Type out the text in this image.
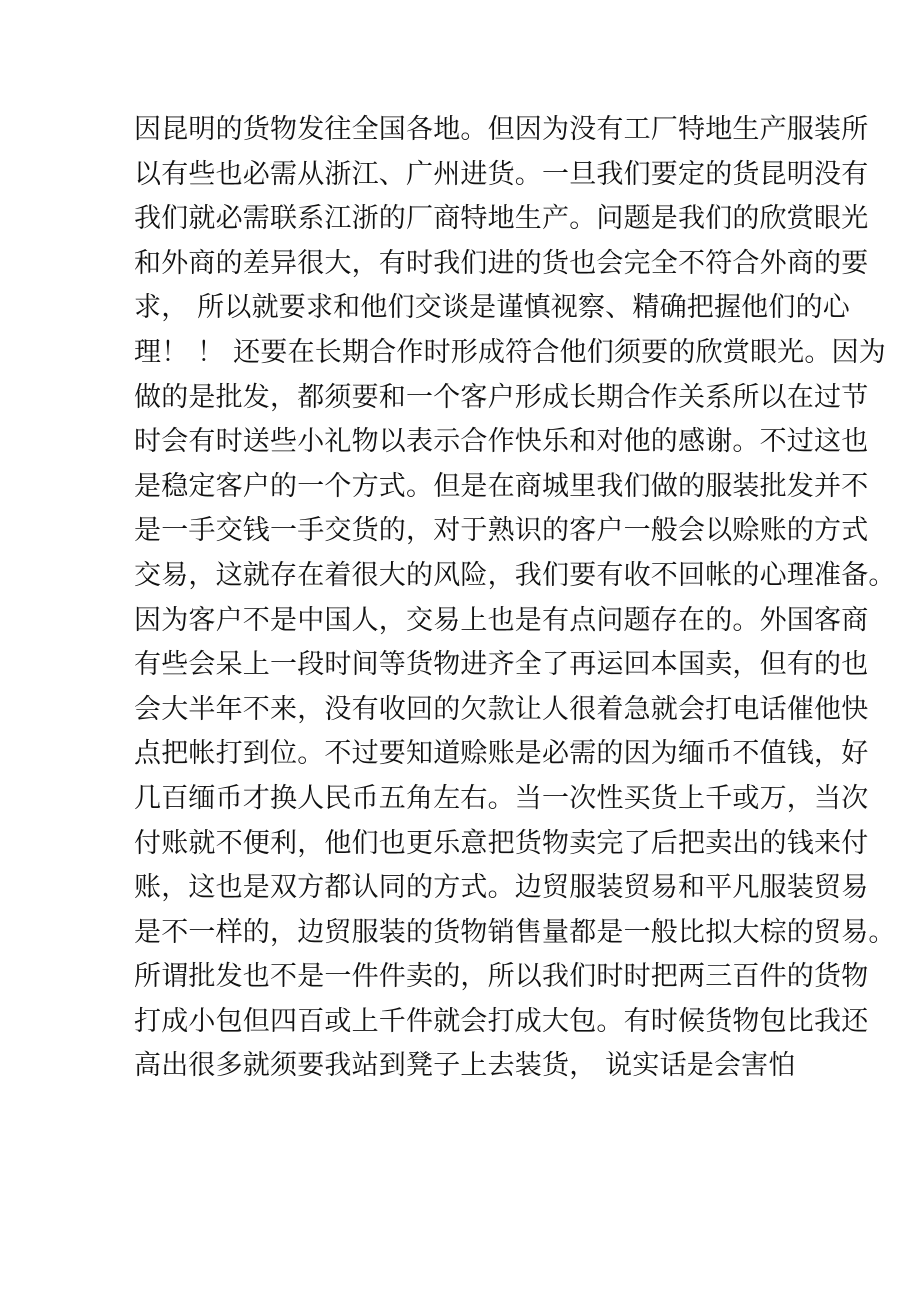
因昆明的货物发往全国各地。但因为没有工厂特地生产服装所
以有些也必需从浙江、广州进货。一旦我们要定的货昆明没有
我们就必需联系江浙的厂商特地生产。问题是我们的欣赏眼光
和外商的差异很大，有时我们进的货也会完全不符合外商的要
求， 所以就要求和他们交谈是谨慎视察、精确把握他们的心
理！ ！ 还要在长期合作时形成符合他们须要的欣赏眼光。因为
做的是批发，都须要和一个客户形成长期合作关系所以在过节
时会有时送些小礼物以表示合作快乐和对他的感谢。不过这也
是稳定客户的一个方式。但是在商城里我们做的服装批发并不
是一手交钱一手交货的，对于熟识的客户一般会以赊账的方式
交易，这就存在着很大的风险，我们要有收不回帐的心理准备。
因为客户不是中国人，交易上也是有点问题存在的。外国客商
有些会呆上一段时间等货物进齐全了再运回本国卖，但有的也
会大半年不来，没有收回的欠款让人很着急就会打电话催他快
点把帐打到位。不过要知道赊账是必需的因为缅币不值钱，好
几百缅币才换人民币五角左右。当一次性买货上千或万，当次
付账就不便利，他们也更乐意把货物卖完了后把卖出的钱来付
账，这也是双方都认同的方式。边贸服装贸易和平凡服装贸易
是不一样的，边贸服装的货物销售量都是一般比拟大棕的贸易。
所谓批发也不是一件件卖的，所以我们时时把两三百件的货物
打成小包但四百或上千件就会打成大包。有时候货物包比我还
高出很多就须要我站到凳子上去装货， 说实话是会害怕
